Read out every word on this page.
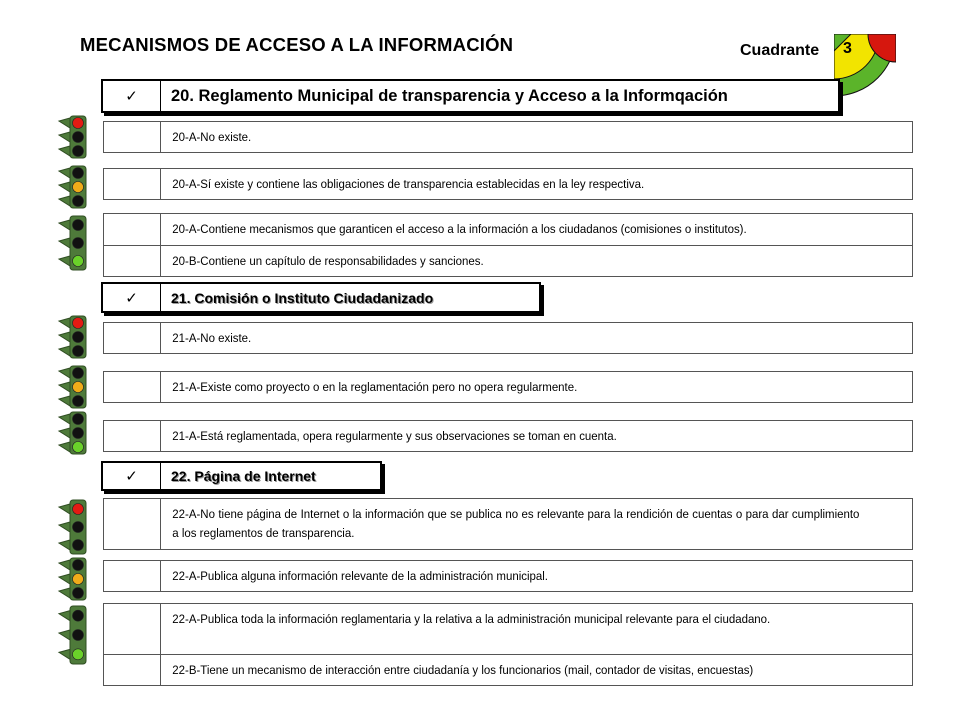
MECANISMOS DE ACCESO A LA INFORMACIÓN	Cuadrante 3
✓	20. Reglamento Municipal de transparencia y Acceso a la Informqación
20-A-No existe.
20-A-Sí existe y contiene las obligaciones de transparencia establecidas en la ley respectiva.
20-A-Contiene mecanismos que garanticen el acceso a la información a los ciudadanos (comisiones o institutos).
20-B-Contiene un capítulo de responsabilidades y sanciones.
✓	21. Comisión o Instituto Ciudadanizado
21-A-No existe.
21-A-Existe como proyecto o en la reglamentación pero no opera regularmente.
21-A-Está reglamentada, opera regularmente y sus observaciones se toman en cuenta.
✓	22. Página de Internet
22-A-No tiene página de Internet o la información que se publica no es relevante para la rendición de cuentas o para dar cumplimiento a los reglamentos de transparencia.
22-A-Publica alguna información relevante de la administración municipal.
22-A-Publica toda la información reglamentaria y la relativa a la administración municipal relevante para el ciudadano.
22-B-Tiene un mecanismo de interacción entre ciudadanía y los funcionarios (mail, contador de visitas, encuestas)
